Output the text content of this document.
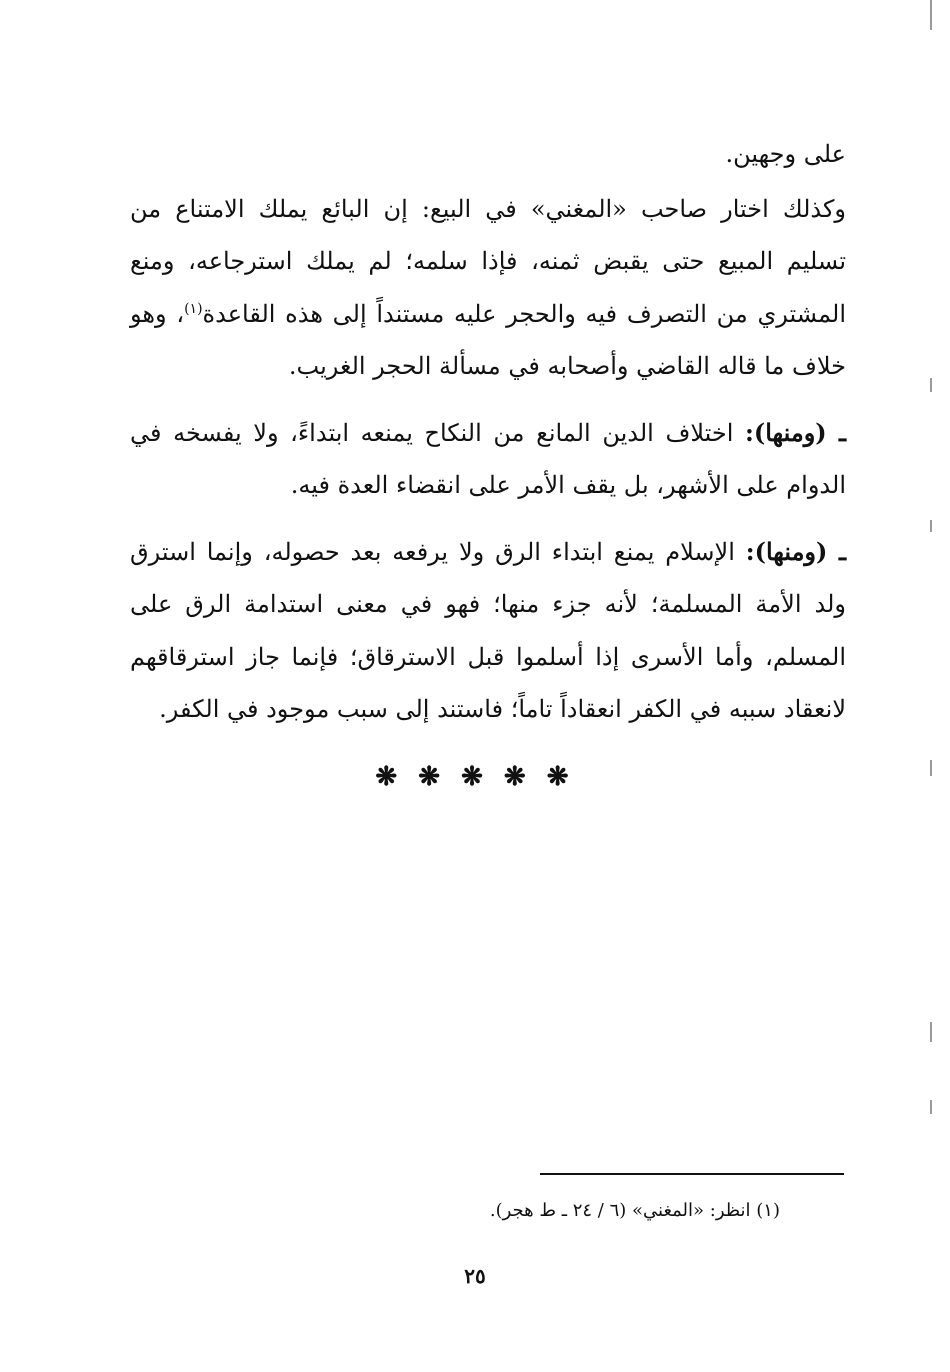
على وجهين.

وكذلك اختار صاحب «المغني» في البيع: إن البائع يملك الامتناع من تسليم المبيع حتى يقبض ثمنه، فإذا سلمه؛ لم يملك استرجاعه، ومنع المشتري من التصرف فيه والحجر عليه مستنداً إلى هذه القاعدة$^{(١)}$، وهو خلاف ما قاله القاضي وأصحابه في مسألة الحجر الغريب.

ـ (ومنها): اختلاف الدين المانع من النكاح يمنعه ابتداءً، ولا يفسخه في الدوام على الأشهر، بل يقف الأمر على انقضاء العدة فيه.

ـ (ومنها): الإسلام يمنع ابتداء الرق ولا يرفعه بعد حصوله، وإنما استرق ولد الأمة المسلمة؛ لأنه جزء منها؛ فهو في معنى استدامة الرق على المسلم، وأما الأسرى إذا أسلموا قبل الاسترقاق؛ فإنما جاز استرقاقهم لانعقاد سببه في الكفر انعقاداً تاماً؛ فاستند إلى سبب موجود في الكفر.

❋ ❋ ❋ ❋ ❋
(١) انظر: «المغني» (٦ / ٢٤ ـ ط هجر).
٢٥
